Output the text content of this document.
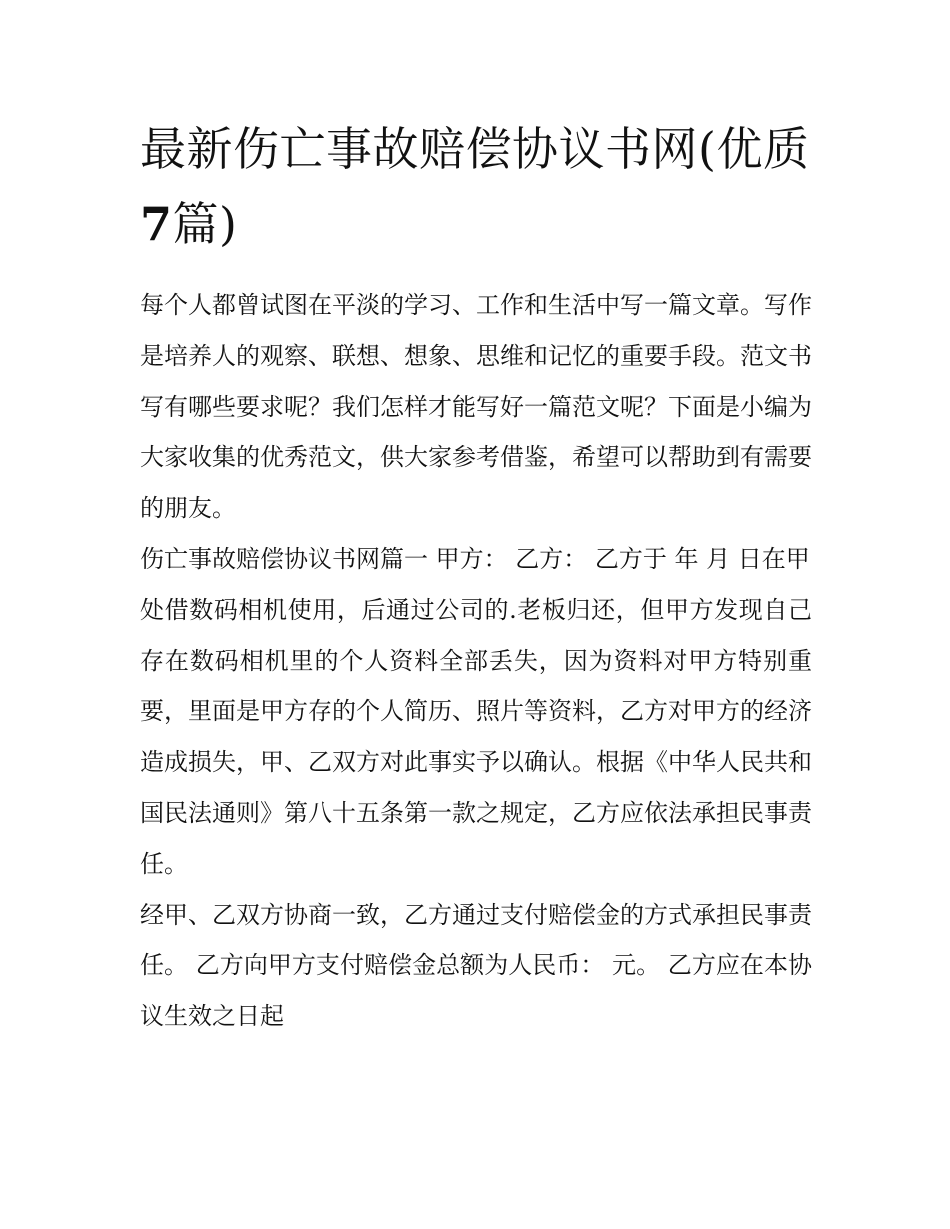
最新伤亡事故赔偿协议书网(优质7篇)

每个人都曾试图在平淡的学习、工作和生活中写一篇文章。写作是培养人的观察、联想、想象、思维和记忆的重要手段。范文书写有哪些要求呢？我们怎样才能写好一篇范文呢？下面是小编为大家收集的优秀范文，供大家参考借鉴，希望可以帮助到有需要的朋友。

伤亡事故赔偿协议书网篇一 甲方： 乙方： 乙方于 年 月 日在甲

处借数码相机使用，后通过公司的.老板归还，但甲方发现自己存在数码相机里的个人资料全部丢失，因为资料对甲方特别重要，里面是甲方存的个人简历、照片等资料，乙方对甲方的经济造成损失，甲、乙双方对此事实予以确认。根据《中华人民共和国民法通则》第八十五条第一款之规定，乙方应依法承担民事责任。

经甲、乙双方协商一致，乙方通过支付赔偿金的方式承担民事责任。 乙方向甲方支付赔偿金总额为人民币： 元。 乙方应在本协议生效之日起
